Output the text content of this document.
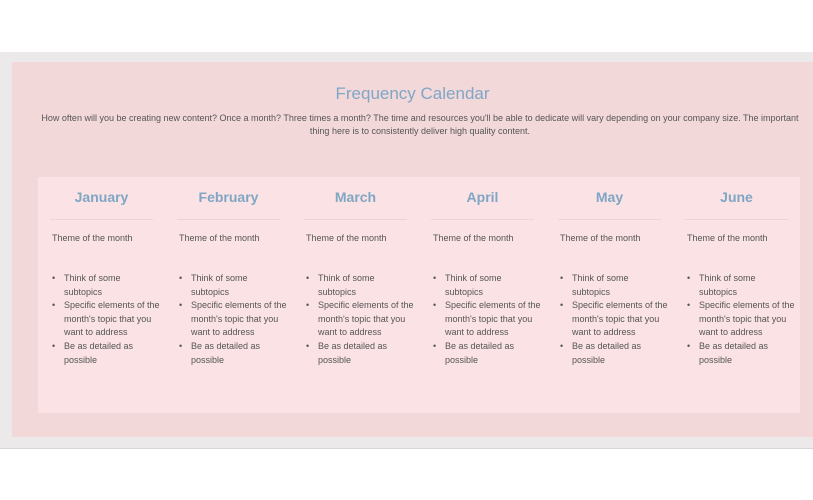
Frequency Calendar

How often will you be creating new content? Once a month? Three times a month? The time and resources you'll be able to dedicate will vary depending on your company size. The important thing here is to consistently deliver high quality content.

January

Theme of the month

• Think of some subtopics
• Specific elements of the month's topic that you want to address
• Be as detailed as possible
February

Theme of the month

• Think of some subtopics
• Specific elements of the month's topic that you want to address
• Be as detailed as possible
March

Theme of the month

• Think of some subtopics
• Specific elements of the month's topic that you want to address
• Be as detailed as possible
April

Theme of the month

• Think of some subtopics
• Specific elements of the month's topic that you want to address
• Be as detailed as possible
May

Theme of the month

• Think of some subtopics
• Specific elements of the month's topic that you want to address
• Be as detailed as possible
June

Theme of the month

• Think of some subtopics
• Specific elements of the month's topic that you want to address
• Be as detailed as possible
